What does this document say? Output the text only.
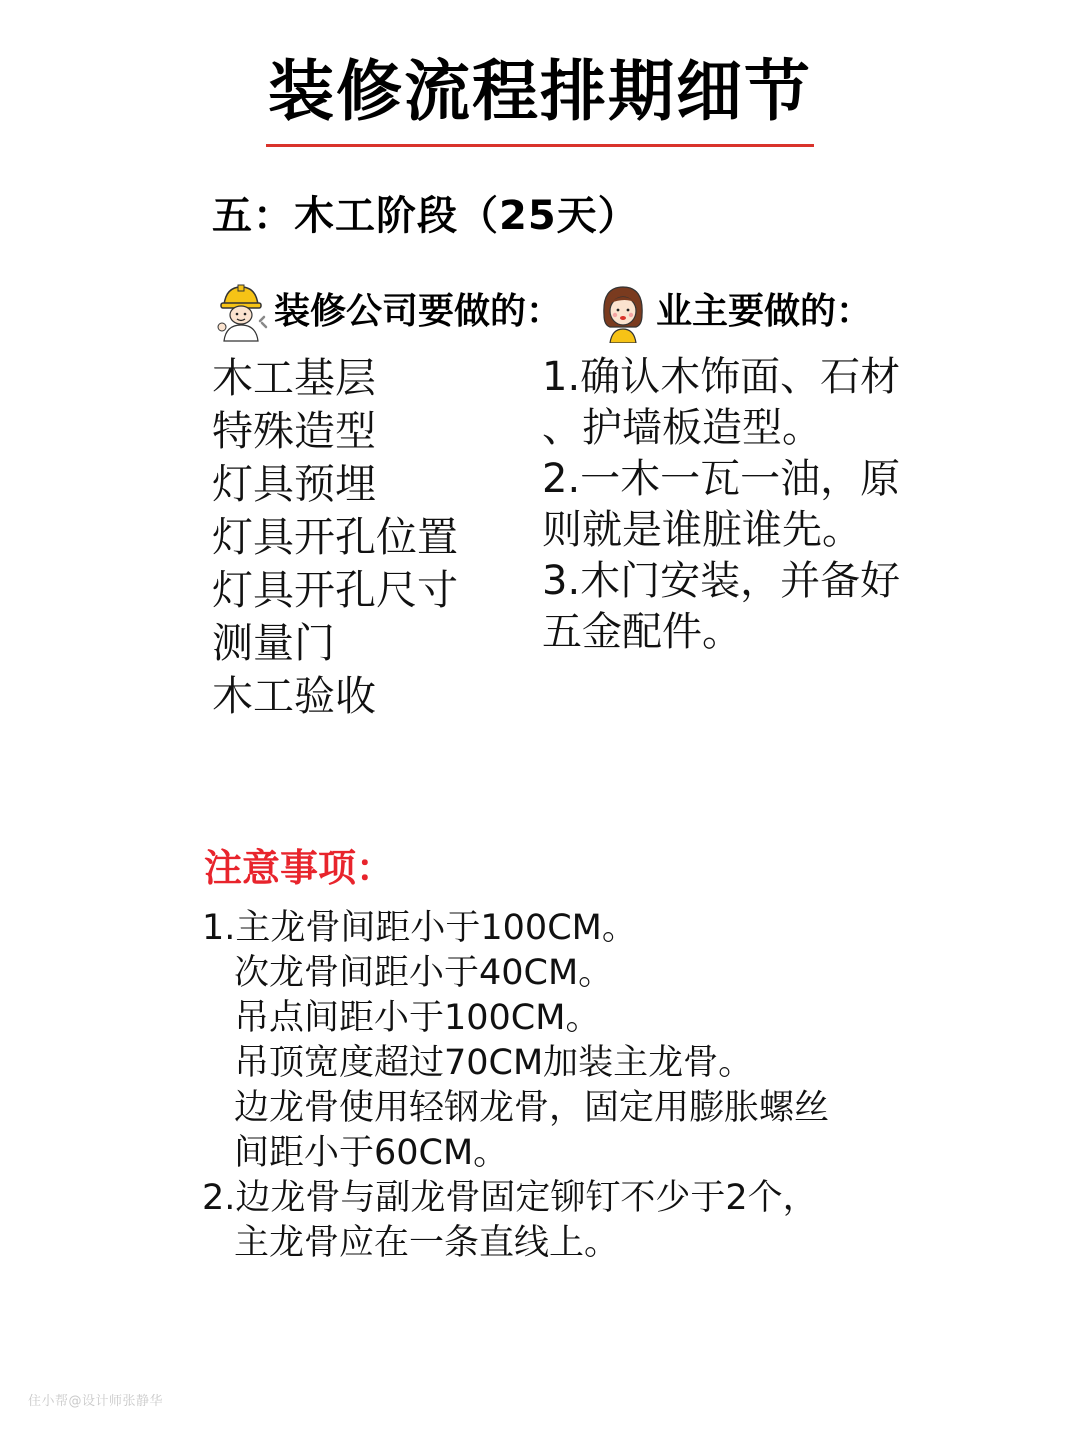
装修流程排期细节
五：木工阶段（25天）
装修公司要做的：	业主要做的：
木工基层
特殊造型
灯具预埋
灯具开孔位置
灯具开孔尺寸
测量门
木工验收
1.确认木饰面、石材
、护墙板造型。
2.一木一瓦一油，原
则就是谁脏谁先。
3.木门安装，并备好
五金配件。
注意事项：
1.主龙骨间距小于100CM。
次龙骨间距小于40CM。
吊点间距小于100CM。
吊顶宽度超过70CM加装主龙骨。
边龙骨使用轻钢龙骨，固定用膨胀螺丝
间距小于60CM。
2.边龙骨与副龙骨固定铆钉不少于2个，
主龙骨应在一条直线上。
住小帮@设计师张静华
